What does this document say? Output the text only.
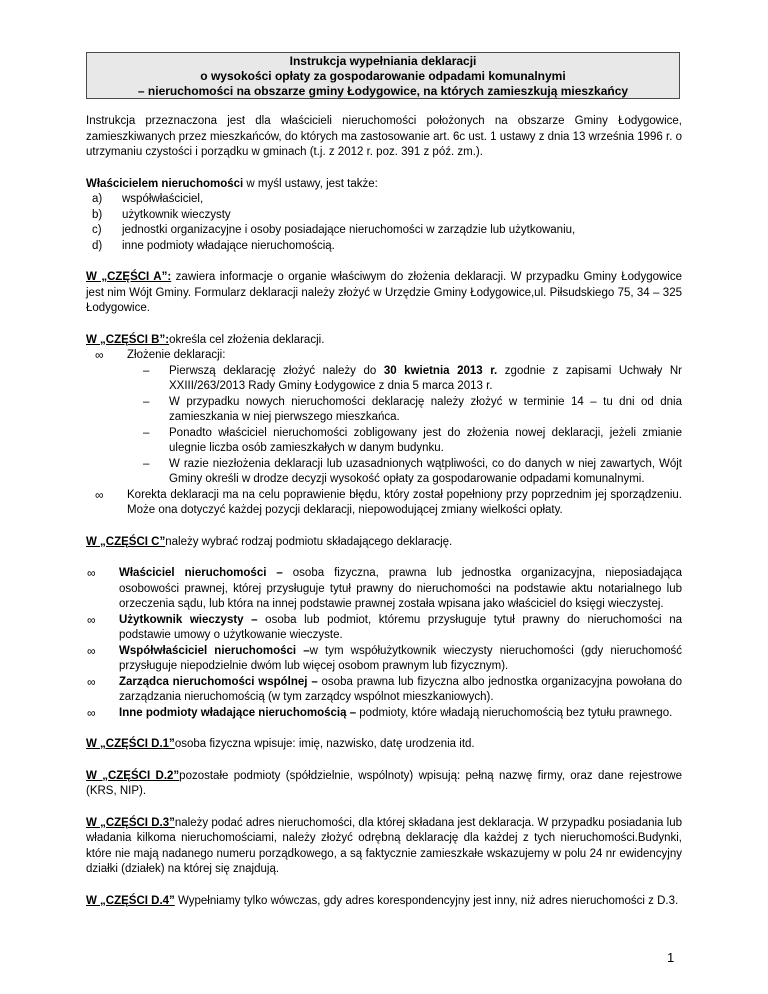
Instrukcja wypełniania deklaracji
o wysokości opłaty za gospodarowanie odpadami komunalnymi
– nieruchomości na obszarze gminy Łodygowice, na których zamieszkują mieszkańcy

Instrukcja przeznaczona jest dla właścicieli nieruchomości położonych na obszarze Gminy Łodygowice, zamieszkiwanych przez mieszkańców, do których ma zastosowanie art. 6c ust. 1 ustawy z dnia 13 września 1996 r. o utrzymaniu czystości i porządku w gminach (t.j. z 2012 r. poz. 391 z póź. zm.).

Właścicielem nieruchomości w myśl ustawy, jest także:

a)	współwłaściciel,
b)	użytkownik wieczysty
c)	jednostki organizacyjne i osoby posiadające nieruchomości w zarządzie lub użytkowaniu,
d)	inne podmioty władające nieruchomością.

W „CZĘŚCI A”: zawiera informacje o organie właściwym do złożenia deklaracji. W przypadku Gminy Łodygowice jest nim Wójt Gminy. Formularz deklaracji należy złożyć w Urzędzie Gminy Łodygowice,ul. Piłsudskiego 75, 34 – 325 Łodygowice.

W „CZĘŚCI B”:określa cel złożenia deklaracji.

∞	Złożenie deklaracji:
–	Pierwszą deklarację złożyć należy do 30 kwietnia 2013 r. zgodnie z zapisami Uchwały Nr XXIII/263/2013 Rady Gminy Łodygowice z dnia 5 marca 2013 r.
–	W przypadku nowych nieruchomości deklarację należy złożyć w terminie 14 – tu dni od dnia zamieszkania w niej pierwszego mieszkańca.
–	Ponadto właściciel nieruchomości zobligowany jest do złożenia nowej deklaracji, jeżeli zmianie ulegnie liczba osób zamieszkałych w danym budynku.
–	W razie niezłożenia deklaracji lub uzasadnionych wątpliwości, co do danych w niej zawartych, Wójt Gminy określi w drodze decyzji wysokość opłaty za gospodarowanie odpadami komunalnymi.
∞	Korekta deklaracji ma na celu poprawienie błędu, który został popełniony przy poprzednim jej sporządzeniu. Może ona dotyczyć każdej pozycji deklaracji, niepowodującej zmiany wielkości opłaty.

W „CZĘŚCI C”należy wybrać rodzaj podmiotu składającego deklarację.

∞	Właściciel nieruchomości – osoba fizyczna, prawna lub jednostka organizacyjna, nieposiadająca osobowości prawnej, której przysługuje tytuł prawny do nieruchomości na podstawie aktu notarialnego lub orzeczenia sądu, lub która na innej podstawie prawnej została wpisana jako właściciel do księgi wieczystej.
∞	Użytkownik wieczysty – osoba lub podmiot, któremu przysługuje tytuł prawny do nieruchomości na podstawie umowy o użytkowanie wieczyste.
∞	Współwłaściciel nieruchomości –w tym współużytkownik wieczysty nieruchomości (gdy nieruchomość przysługuje niepodzielnie dwóm lub więcej osobom prawnym lub fizycznym).
∞	Zarządca nieruchomości wspólnej – osoba prawna lub fizyczna albo jednostka organizacyjna powołana do zarządzania nieruchomością (w tym zarządcy wspólnot mieszkaniowych).
∞	Inne podmioty władające nieruchomością – podmioty, które władają nieruchomością bez tytułu prawnego.

W „CZĘŚCI D.1”osoba fizyczna wpisuje: imię, nazwisko, datę urodzenia itd.

W „CZĘŚCI D.2”pozostałe podmioty (spółdzielnie, wspólnoty) wpisują: pełną nazwę firmy, oraz dane rejestrowe (KRS, NIP).

W „CZĘŚCI D.3”należy podać adres nieruchomości, dla której składana jest deklaracja. W przypadku posiadania lub władania kilkoma nieruchomościami, należy złożyć odrębną deklarację dla każdej z tych nieruchomości.Budynki, które nie mają nadanego numeru porządkowego, a są faktycznie zamieszkałe wskazujemy w polu 24 nr ewidencyjny działki (działek) na której się znajdują.

W „CZĘŚCI D.4” Wypełniamy tylko wówczas, gdy adres korespondencyjny jest inny, niż adres nieruchomości z D.3.

1
